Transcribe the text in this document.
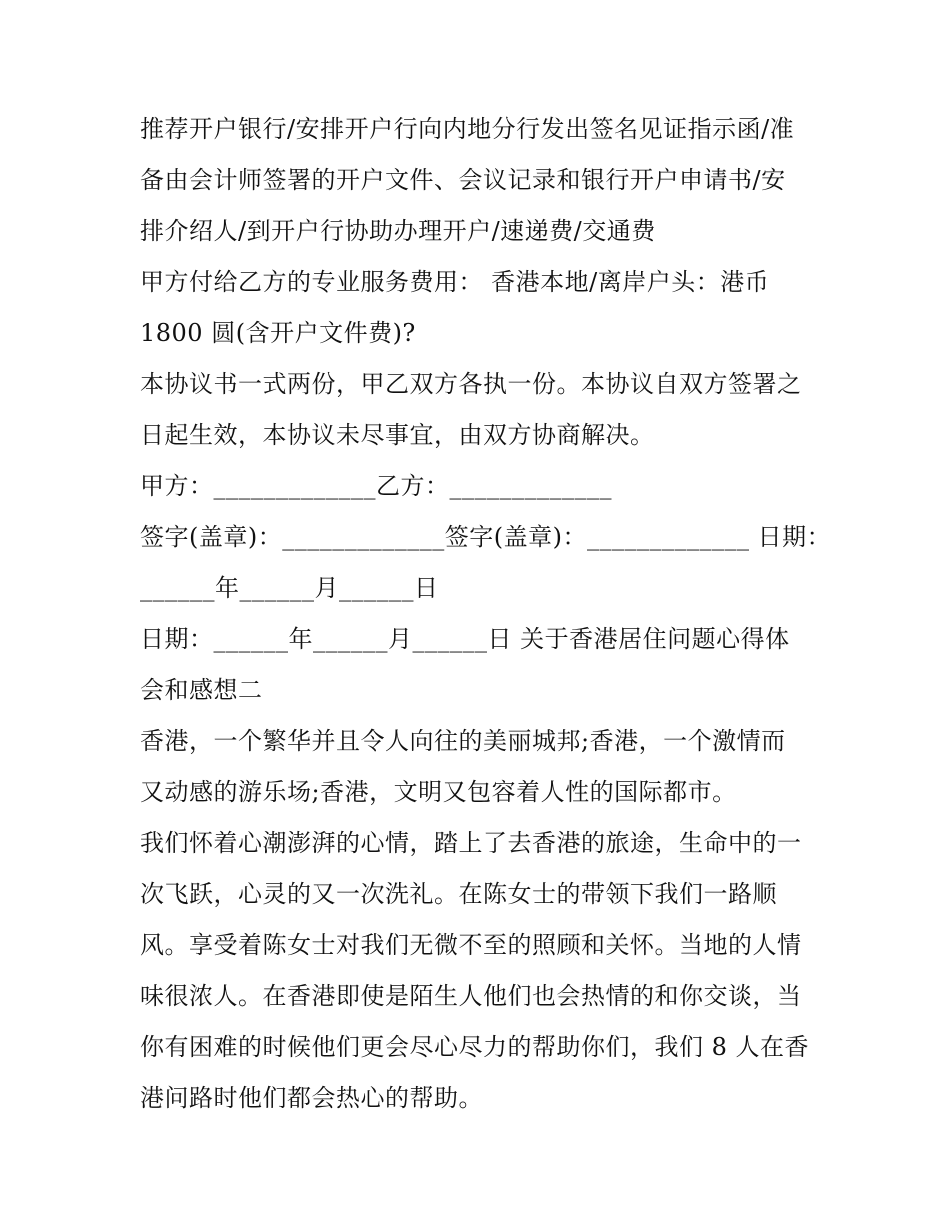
推荐开户银行/安排开户行向内地分行发出签名见证指示函/准
备由会计师签署的开户文件、会议记录和银行开户申请书/安
排介绍人/到开户行协助办理开户/速递费/交通费
甲方付给乙方的专业服务费用： 香港本地/离岸户头：港币
1800 圆(含开户文件费)?
本协议书一式两份，甲乙双方各执一份。本协议自双方签署之
日起生效，本协议未尽事宜，由双方协商解决。
甲方：_____________乙方：_____________
签字(盖章)：_____________签字(盖章)：_____________ 日期：
______年______月______日
日期：______年______月______日 关于香港居住问题心得体
会和感想二
香港，一个繁华并且令人向往的美丽城邦;香港，一个激情而
又动感的游乐场;香港，文明又包容着人性的国际都市。
我们怀着心潮澎湃的心情，踏上了去香港的旅途，生命中的一
次飞跃，心灵的又一次洗礼。在陈女士的带领下我们一路顺
风。享受着陈女士对我们无微不至的照顾和关怀。当地的人情
味很浓人。在香港即使是陌生人他们也会热情的和你交谈，当
你有困难的时候他们更会尽心尽力的帮助你们，我们 8 人在香
港问路时他们都会热心的帮助。
